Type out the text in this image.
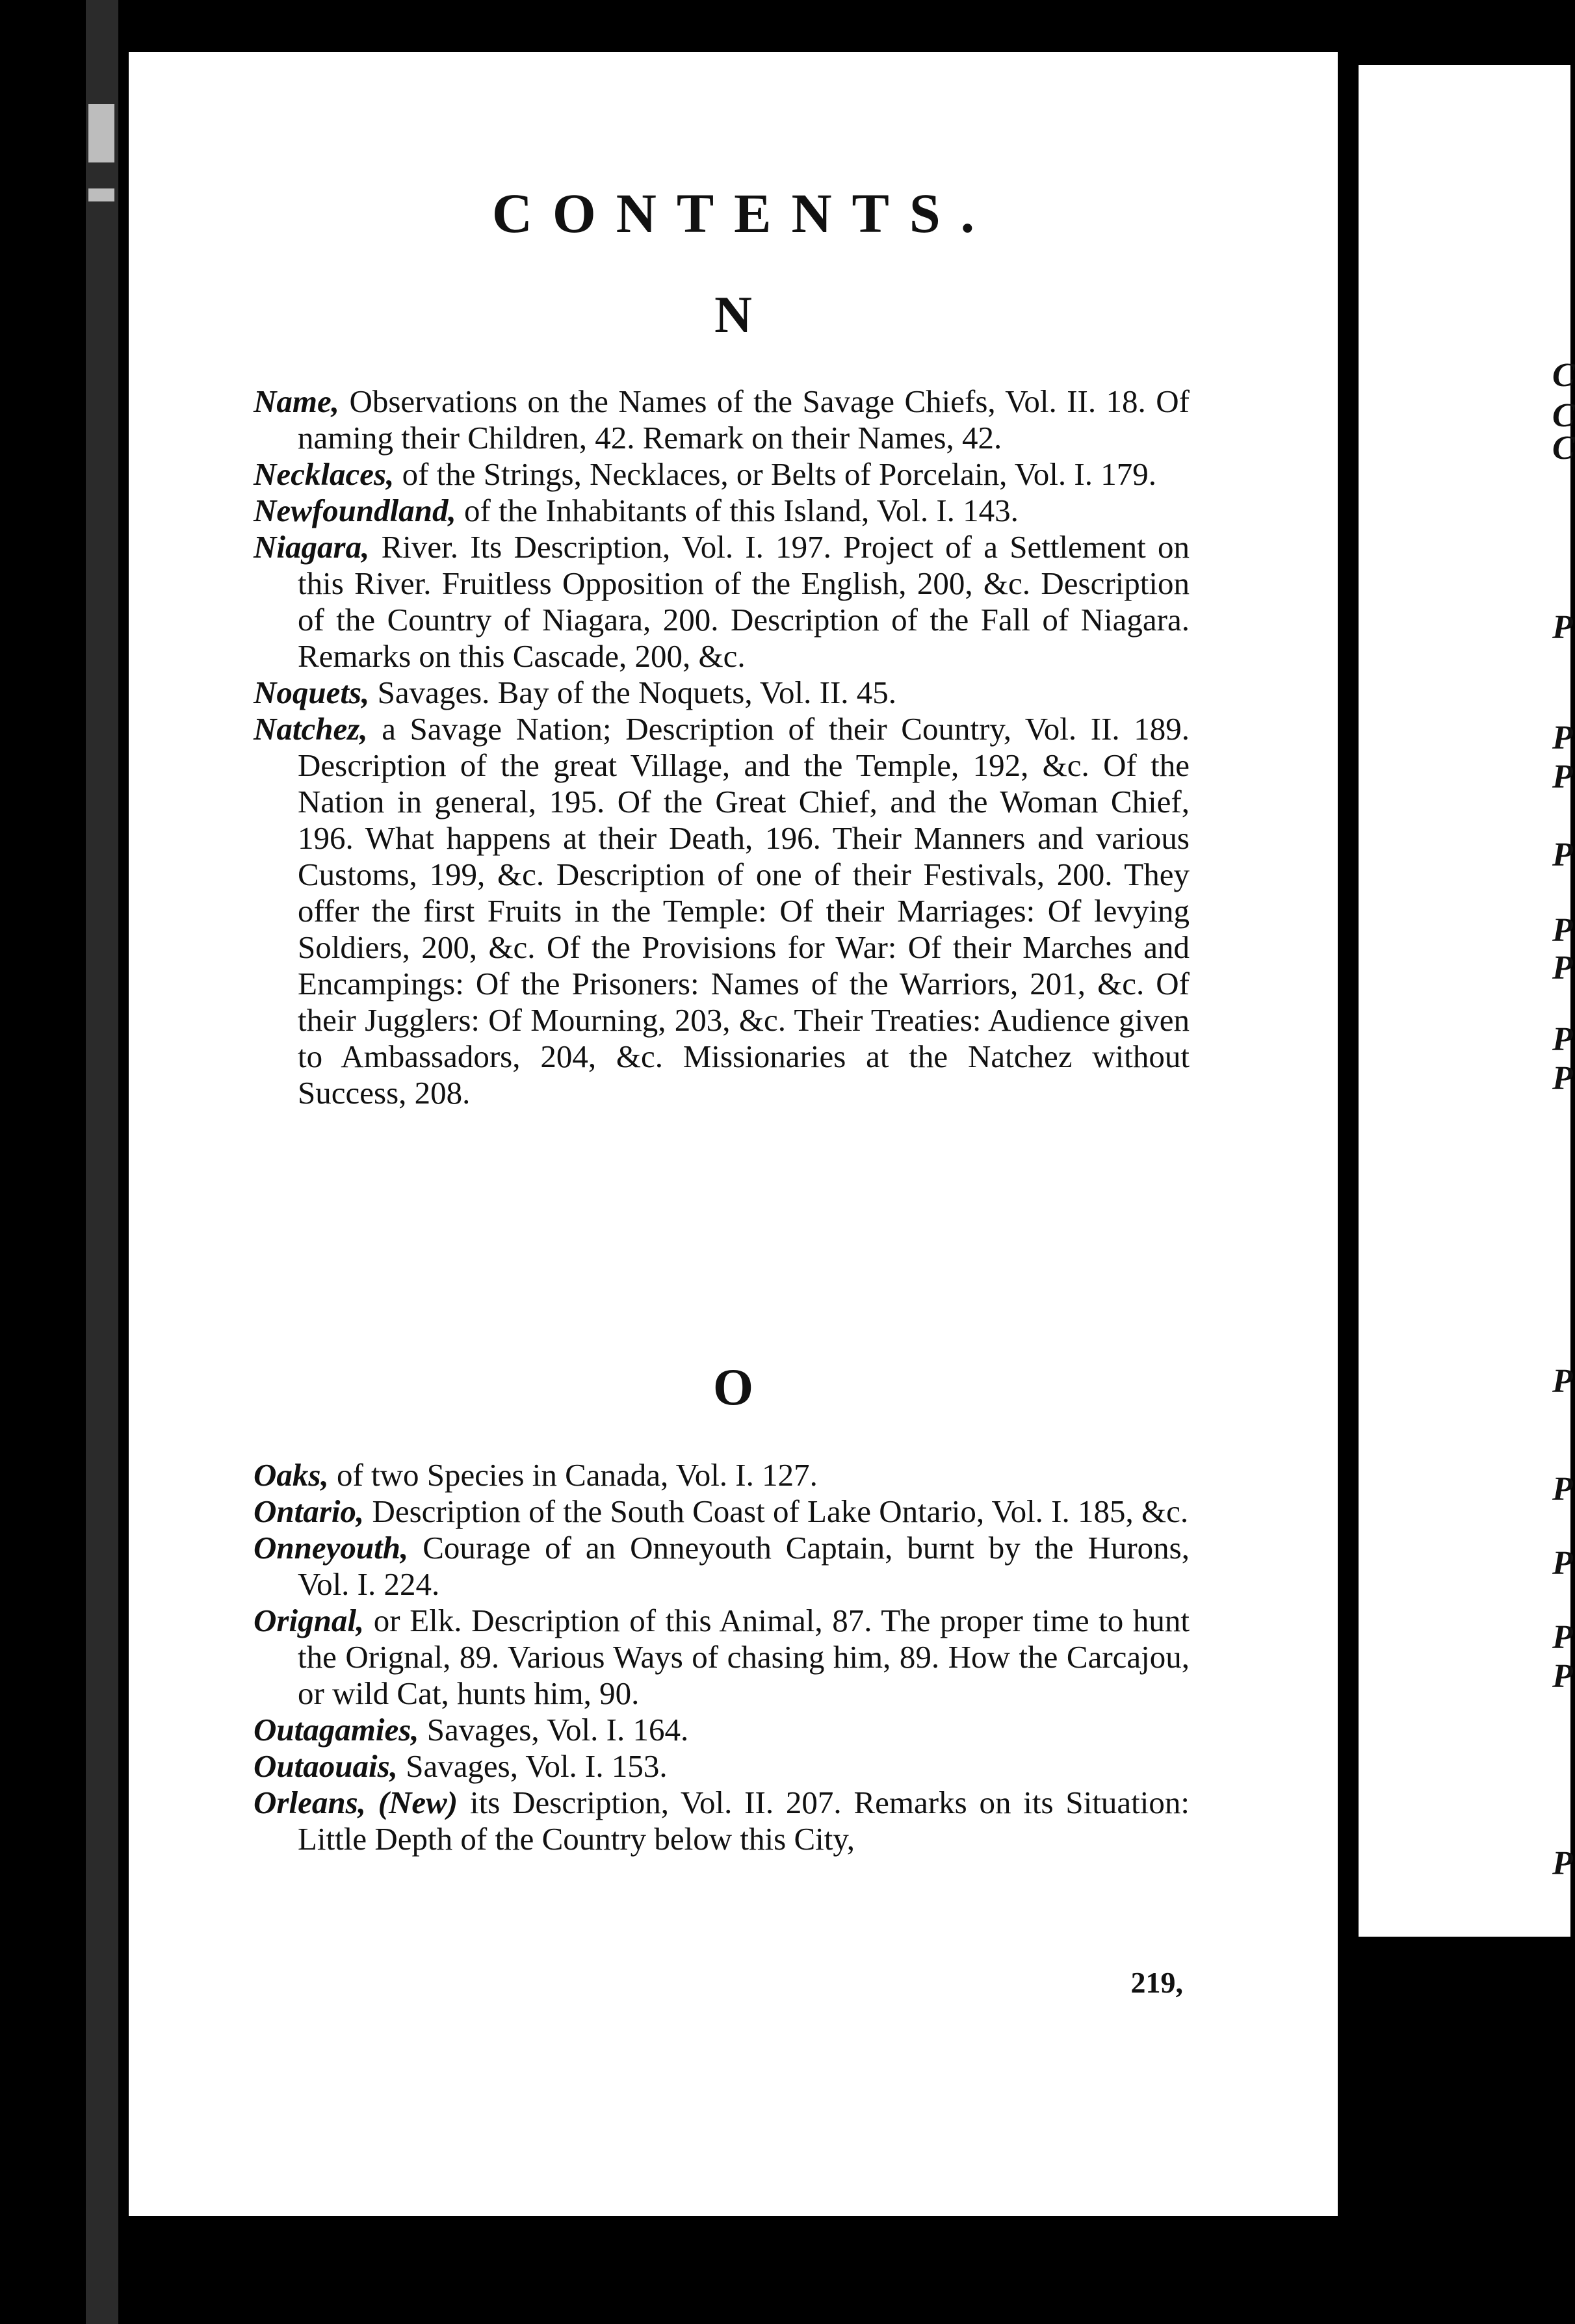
C
C
C
P
P
P
P
P
P
P
P
P
P
P
P
P
P
CONTENTS.
N
Name, Observations on the Names of the Savage Chiefs, Vol. II. 18. Of naming their Children, 42. Remark on their Names, 42.
Necklaces, of the Strings, Necklaces, or Belts of Porcelain, Vol. I. 179.
Newfoundland, of the Inhabitants of this Island, Vol. I. 143.
Niagara, River. Its Description, Vol. I. 197. Project of a Settlement on this River. Fruitless Opposition of the English, 200, &c. Description of the Country of Niagara, 200. Description of the Fall of Niagara. Remarks on this Cascade, 200, &c.
Noquets, Savages. Bay of the Noquets, Vol. II. 45.
Natchez, a Savage Nation; Description of their Country, Vol. II. 189. Description of the great Village, and the Temple, 192, &c. Of the Nation in general, 195. Of the Great Chief, and the Woman Chief, 196. What happens at their Death, 196. Their Manners and various Customs, 199, &c. Description of one of their Festivals, 200. They offer the first Fruits in the Temple: Of their Marriages: Of levying Soldiers, 200, &c. Of the Provisions for War: Of their Marches and Encampings: Of the Prisoners: Names of the Warriors, 201, &c. Of their Jugglers: Of Mourning, 203, &c. Their Treaties: Audience given to Ambassadors, 204, &c. Missionaries at the Natchez without Success, 208.
O
Oaks, of two Species in Canada, Vol. I. 127.
Ontario, Description of the South Coast of Lake Ontario, Vol. I. 185, &c.
Onneyouth, Courage of an Onneyouth Captain, burnt by the Hurons, Vol. I. 224.
Orignal, or Elk. Description of this Animal, 87. The proper time to hunt the Orignal, 89. Various Ways of chasing him, 89. How the Carcajou, or wild Cat, hunts him, 90.
Outagamies, Savages, Vol. I. 164.
Outaouais, Savages, Vol. I. 153.
Orleans, (New) its Description, Vol. II. 207. Remarks on its Situation: Little Depth of the Country below this City,
219,
